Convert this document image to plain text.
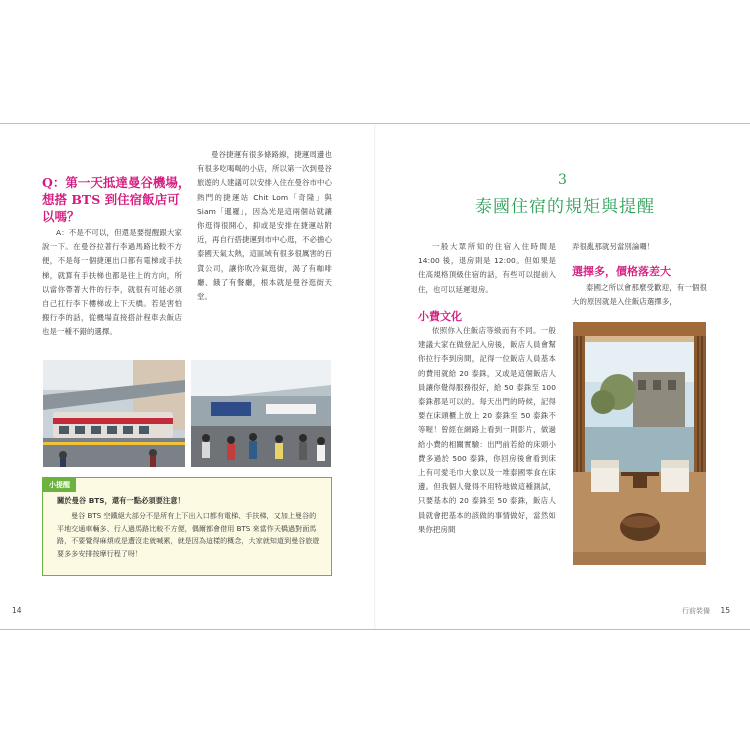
Q：第一天抵達曼谷機場，想搭 BTS 到住宿飯店可以嗎？
A：不是不可以，但還是要提醒跟大家說一下。在曼谷拉著行李過馬路比較不方便，不是每一個捷運出口都有電梯或手扶梯，就算有手扶梯也都是往上的方向，所以當你帶著大件的行李，就很有可能必須自己扛行李下樓梯或上下天橋。若是害怕搬行李的話，從機場直接搭計程車去飯店也是一種不錯的選擇。
曼谷捷運有很多條路線，捷運周邊也有很多吃喝喝的小店，所以第一次到曼谷旅遊的人建議可以安排入住在曼谷市中心熱門的捷運站 Chit Lom「奇隆」與 Siam「暹羅」，因為光是這兩個站就讓你逛得很開心，抑或是安排在捷運站附近，再自行搭捷運到市中心逛，不必擔心泰國天氣太熱，這區域有很多很厲害的百貨公司，讓你吹冷氣逛街，渴了有咖啡廳、餓了有餐廳，根本就是曼谷逛街天堂。
小提醒
關於曼谷 BTS，還有一點必須要注意！
曼谷 BTS 空鐵絕大部分不是所有上下出入口都有電梯、手扶梯，又加上曼谷的平地交通車輛多、行人過馬路比較不方便，偶爾都會借用 BTS 來當作天橋過對面馬路，不要覺得麻煩或是遭沒走就喊累，就是因為這樣的概念，大家就知道到曼谷旅遊要多多安排按摩行程了呀！
14
3
泰國住宿的規矩與提醒
一般大眾所知的住宿入住時間是 14:00 後，退房則是 12:00。但如果是住高規格頂級住宿的話，有些可以提前入住，也可以延遲退房。
小費文化
依照你入住飯店等級而有不同。一般建議大家在做登記入房後，飯店人員會幫你拉行李到房間，記得一位飯店人員基本的費用就給 20 泰銖，又或是這個飯店人員讓你覺得服務很好，給 50 泰銖至 100 泰銖都是可以的。每天出門的時候，記得要在床頭櫃上放上 20 泰銖至 50 泰銖不等喔！曾經在網路上看到一則影片，做過給小費的相關實驗：出門前若給的床頭小費多過於 500 泰銖，你回房後會看到床上有可愛毛巾大象以及一堆泰國零食在床邊。但我個人覺得不用特地做這種測試，只要基本的 20 泰銖至 50 泰銖，飯店人員就會把基本的該做的事情做好，當然如果你把房間
弄很亂那就另當別論囉！
選擇多，價格落差大
泰國之所以會那麼受歡迎，有一個很大的原因就是入住飯店選擇多，
行前裝備 15
